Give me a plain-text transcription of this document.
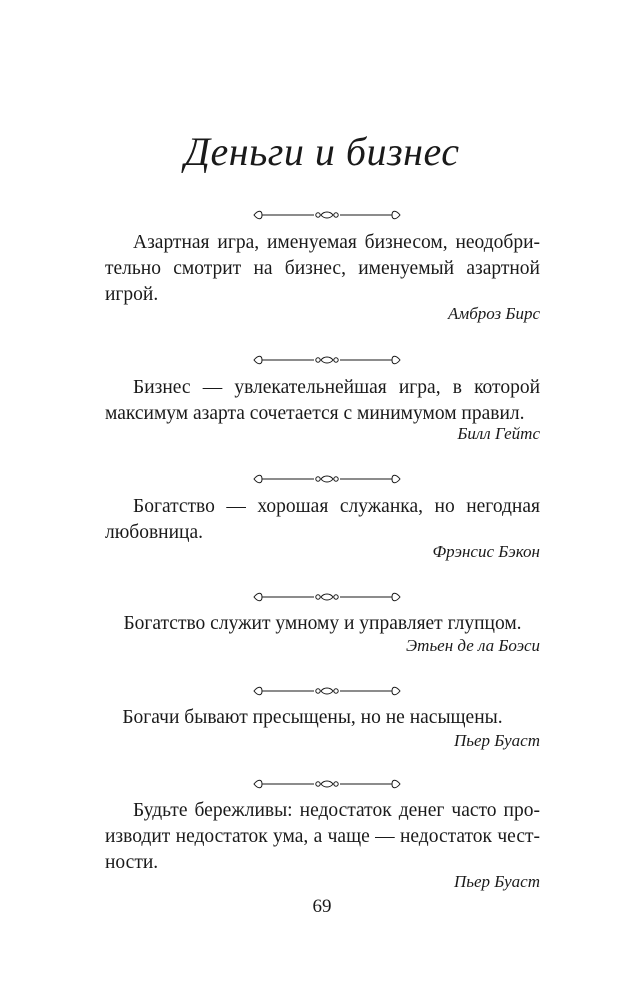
Деньги и бизнес
Азартная игра, именуемая бизнесом, неодобрительно смотрит на бизнес, именуемый азартной игрой.
Амброз Бирс
Бизнес — увлекательнейшая игра, в которой максимум азарта сочетается с минимумом правил.
Билл Гейтс
Богатство — хорошая служанка, но негодная любовница.
Фрэнсис Бэкон
Богатство служит умному и управляет глупцом.
Этьен де ла Боэси
Богачи бывают пресыщены, но не насыщены.
Пьер Буаст
Будьте бережливы: недостаток денег часто производит недостаток ума, а чаще — недостаток честности.
Пьер Буаст
69
